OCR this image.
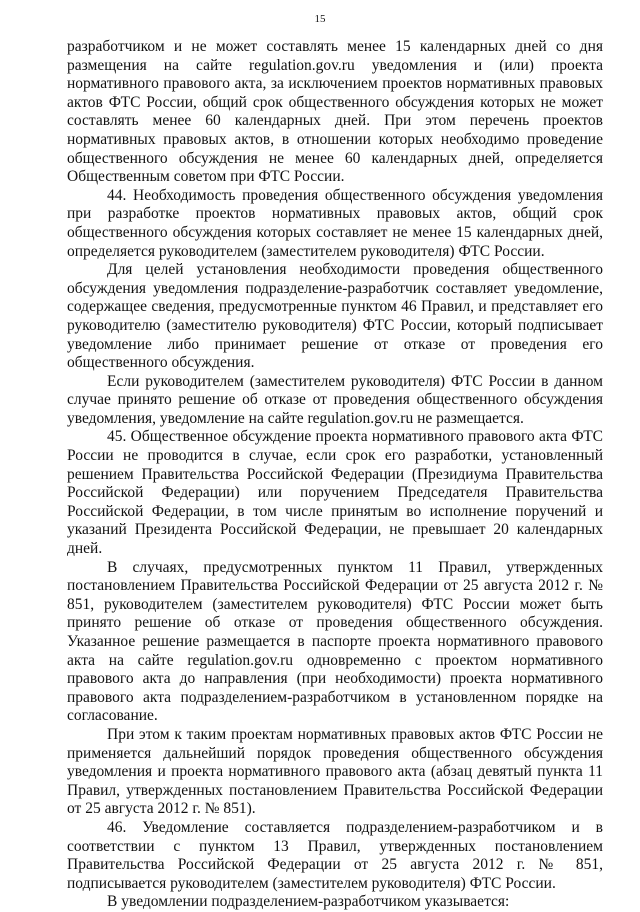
15

разработчиком и не может составлять менее 15 календарных дней со дня размещения на сайте regulation.gov.ru уведомления и (или) проекта нормативного правового акта, за исключением проектов нормативных правовых актов ФТС России, общий срок общественного обсуждения которых не может составлять менее 60 календарных дней. При этом перечень проектов нормативных правовых актов, в отношении которых необходимо проведение общественного обсуждения не менее 60 календарных дней, определяется Общественным советом при ФТС России.

44. Необходимость проведения общественного обсуждения уведомления при разработке проектов нормативных правовых актов, общий срок общественного обсуждения которых составляет не менее 15 календарных дней, определяется руководителем (заместителем руководителя) ФТС России.

Для целей установления необходимости проведения общественного обсуждения уведомления подразделение-разработчик составляет уведомление, содержащее сведения, предусмотренные пунктом 46 Правил, и представляет его руководителю (заместителю руководителя) ФТС России, который подписывает уведомление либо принимает решение от отказе от проведения его общественного обсуждения.

Если руководителем (заместителем руководителя) ФТС России в данном случае принято решение об отказе от проведения общественного обсуждения уведомления, уведомление на сайте regulation.gov.ru не размещается.

45. Общественное обсуждение проекта нормативного правового акта ФТС России не проводится в случае, если срок его разработки, установленный решением Правительства Российской Федерации (Президиума Правительства Российской Федерации) или поручением Председателя Правительства Российской Федерации, в том числе принятым во исполнение поручений и указаний Президента Российской Федерации, не превышает 20 календарных дней.

В случаях, предусмотренных пунктом 11 Правил, утвержденных постановлением Правительства Российской Федерации от 25 августа 2012 г. № 851, руководителем (заместителем руководителя) ФТС России может быть принято решение об отказе от проведения общественного обсуждения. Указанное решение размещается в паспорте проекта нормативного правового акта на сайте regulation.gov.ru одновременно с проектом нормативного правового акта до направления (при необходимости) проекта нормативного правового акта подразделением-разработчиком в установленном порядке на согласование.

При этом к таким проектам нормативных правовых актов ФТС России не применяется дальнейший порядок проведения общественного обсуждения уведомления и проекта нормативного правового акта (абзац девятый пункта 11 Правил, утвержденных постановлением Правительства Российской Федерации от 25 августа 2012 г. № 851).

46. Уведомление составляется подразделением-разработчиком и в соответствии с пунктом 13 Правил, утвержденных постановлением Правительства Российской Федерации от 25 августа 2012 г. № 851, подписывается руководителем (заместителем руководителя) ФТС России.

В уведомлении подразделением-разработчиком указывается:
